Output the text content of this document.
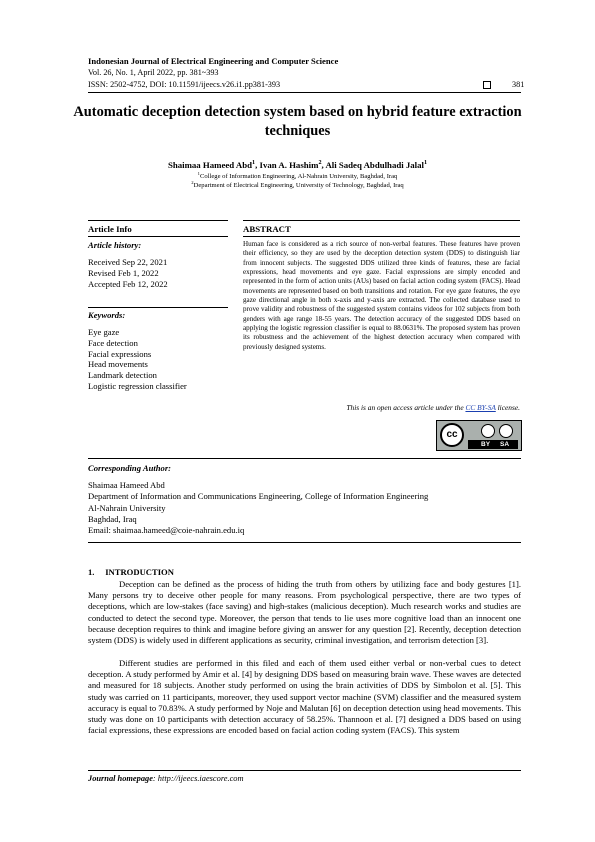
Indonesian Journal of Electrical Engineering and Computer Science
Vol. 26, No. 1, April 2022, pp. 381~393
ISSN: 2502-4752, DOI: 10.11591/ijeecs.v26.i1.pp381-393	381
Automatic deception detection system based on hybrid feature extraction techniques
Shaimaa Hameed Abd$^1$, Ivan A. Hashim$^2$, Ali Sadeq Abdulhadi Jalal$^1$
$^1$College of Information Engineering, Al-Nahrain University, Baghdad, Iraq
$^2$Department of Electrical Engineering, University of Technology, Baghdad, Iraq
Article Info
Article history:
Received Sep 22, 2021
Revised Feb 1, 2022
Accepted Feb 12, 2022
Keywords:
Eye gaze
Face detection
Facial expressions
Head movements
Landmark detection
Logistic regression classifier
ABSTRACT
Human face is considered as a rich source of non-verbal features. These features have proven their efficiency, so they are used by the deception detection system (DDS) to distinguish liar from innocent subjects. The suggested DDS utilized three kinds of features, these are facial expressions, head movements and eye gaze. Facial expressions are simply encoded and represented in the form of action units (AUs) based on facial action coding system (FACS). Head movements are represented based on both transitions and rotation. For eye gaze features, the eye gaze directional angle in both x-axis and y-axis are extracted. The collected database used to prove validity and robustness of the suggested system contains videos for 102 subjects from both genders with age range 18-55 years. The detection accuracy of the suggested DDS based on applying the logistic regression classifier is equal to 88.0631%. The proposed system has proven its robustness and the achievement of the highest detection accuracy when compared with previously designed systems.
This is an open access article under the CC BY-SA license.
cc
BY SA
Corresponding Author:
Shaimaa Hameed Abd
Department of Information and Communications Engineering, College of Information Engineering
Al-Nahrain University
Baghdad, Iraq
Email: shaimaa.hameed@coie-nahrain.edu.iq
1.     INTRODUCTION
Deception can be defined as the process of hiding the truth from others by utilizing face and body gestures [1]. Many persons try to deceive other people for many reasons. From psychological perspective, there are two types of deceptions, which are low-stakes (face saving) and high-stakes (malicious deception). Much research works and studies are conducted to detect the second type. Moreover, the person that tends to lie uses more cognitive load than an innocent one because deception requires to think and imagine before giving an answer for any question [2]. Recently, deception detection system (DDS) is widely used in different applications as security, criminal investigation, and terrorism detection [3].
Different studies are performed in this filed and each of them used either verbal or non-verbal cues to detect deception. A study performed by Amir et al. [4] by designing DDS based on measuring brain wave. These waves are detected and measured for 18 subjects. Another study performed on using the brain activities of DDS by Simbolon et al. [5]. This study was carried on 11 participants, moreover, they used support vector machine (SVM) classifier and the measured system accuracy is equal to 70.83%. A study performed by Noje and Malutan [6] on deception detection using head movements. This study was done on 10 participants with detection accuracy of 58.25%. Thannoon et al. [7] designed a DDS based on using facial expressions, these expressions are encoded based on facial action coding system (FACS). This system
Journal homepage: http://ijeecs.iaescore.com
